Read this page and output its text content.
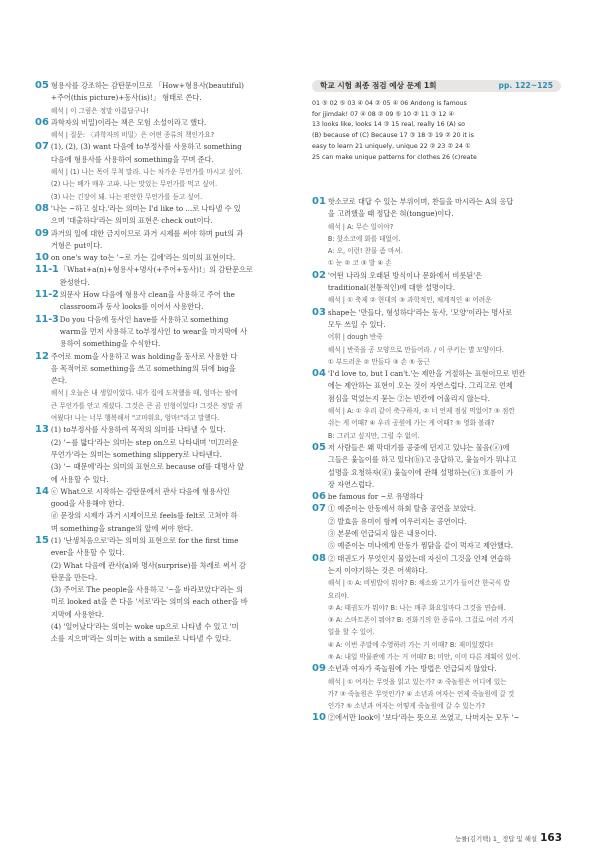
05 형용사를 강조하는 감탄문이므로 「How+형용사(beautiful)
+주어(this picture)+동사(is)!」 형태로 쓴다.
해석 | 이 그림은 정말 아름답구나!
06 과학자의 비밀)이라는 책은 모험 소설이라고 했다.
해석 | 질문: 〈과학자의 비밀〉은 어떤 종류의 책인가요?
07 (1), (2), (3) want 다음에 to부정사를 사용하고 something
다음에 형용사를 사용하여 something을 꾸며 준다.
해석 | (1) 나는 목이 무척 말라. 나는 차가운 무언가를 마시고 싶어.
(2) 나는 배가 매우 고파. 나는 맛있는 무언가를 먹고 싶어.
(3) 나는 긴장이 돼. 나는 편안한 무언가를 듣고 싶어.
08 '나는 ~하고 싶다.'라는 의미는 I'd like to ...로 나타낼 수 있
으며 '대출하다'라는 의미의 표현은 check out이다.
09 과거의 일에 대한 금지이므로 과거 시제를 써야 하며 put의 과
거형은 put이다.
10 on one's way to는 '~로 가는 길에'라는 의미의 표현이다.
11-1 「What+a(n)+형용사+명사(+주어+동사)!」의 감탄문으로
완성한다.
11-2 의문사 How 다음에 형용사 clean을 사용하고 주어 the
classroom과 동사 looks를 이어서 사용한다.
11-3 Do you 다음에 동사인 have를 사용하고 something
warm을 먼저 사용하고 to부정사인 to wear을 마지막에 사
용하여 something을 수식한다.
12 주어로 mom을 사용하고 was holding을 동사로 사용한 다
음 목적어로 something을 쓰고 something의 뒤에 big을
쓴다.
해석 | 오늘은 내 생일이었다. 내가 집에 도착했을 때, 엄마는 팔에
큰 무언가를 안고 계셨다. 그것은 큰 곰 인형이었다! 그것은 정말 귀
여웠다! 나는 너무 행복해서 "고마워요, 엄마!"라고 말했다.
13 (1) to부정사를 사용하여 목적의 의미를 나타낼 수 있다.
(2) '~를 밟다'라는 의미는 step on으로 나타내며 '미끄러운
무언가'라는 의미는 something slippery로 나타낸다.
(3) '~ 때문에'라는 의미의 표현으로 because of를 대명사 앞
에 사용할 수 있다.
14 ⓒ What으로 시작하는 감탄문에서 관사 다음에 형용사인
good을 사용해야 한다.
ⓓ 문장의 시제가 과거 시제이므로 feels를 felt로 고쳐야 하
며 something을 strange의 앞에 써야 한다.
15 (1) '난생처음으로'라는 의미의 표현으로 for the first time
ever을 사용할 수 있다.
(2) What 다음에 관사(a)와 명사(surprise)를 차례로 써서 감
탄문을 만든다.
(3) 주어로 The people을 사용하고 '~을 바라보았다'라는 의
미로 looked at을 쓴 다음 '서로'라는 의미의 each other을 바
지막에 사용한다.
(4) '일어났다'라는 의미는 woke up으로 나타낼 수 있고 '미
소를 지으며'라는 의미는 with a smile로 나타낼 수 있다.
학교 시험 최종 점검 예상 문제 1회	pp. 122~125
01 ⑤ 02 ⑤ 03 ④ 04 ② 05 ④ 06 Andong is famous
for jjimdak! 07 ④ 08 ② 09 ⑤ 10 ② 11 ③ 12 ④
13 looks like, looks 14 ③ 15 real, really 16 (A) so
(B) because of (C) Because 17 ③ 18 ③ 19 ② 20 it is
easy to learn 21 uniquely, unique 22 ② 23 ② 24 ①
25 can make unique patterns for clothes 26 (c)reate
01 핫소코로 대답 수 있는 부위이며, 찬들을 마시라는 A의 응답
을 고려했을 때 정답은 혀(tongue)이다.
해석 | A: 무슨 일이야?
B: 핫소코에 화를 데었어.
A: 오, 이런! 찬물 좀 마셔.
① 눈 ② 코 ③ 발 ④ 손
02 '어떤 나라의 오래된 방식이나 문화에서 비롯된'은
traditional(전통적인)에 대한 설명이다.
해석 | ① 축제 ② 현대의 ③ 과학적인, 체계적인 ④ 어려운
03 shape는 '만들다, 형성하다'라는 동사, '모양'이라는 명사로
모두 쓰일 수 있다.
어휘 | dough 반죽
해석 | 반죽을 공 모양으로 만들어라. / 이 쿠키는 별 모양이다.
① 부드러운 ② 만들다 ③ 손 ⑤ 둥근
04 'I'd love to, but I can't.'는 제안을 거절하는 표현이므로 빈칸
에는 제안하는 표현이 오는 것이 자연스럽다. 그리고로 언제
점심을 먹었는지 묻는 ②는 빈칸에 어울리지 않는다.
해석 | A: ① 우리 같이 축구하자, ② 너 언제 점심 먹었어? ③ 점깐
쉬는 게 어때? ④ 우리 공원에 가는 게 어때? ⑤ 영화 볼래?
B: 그러고 싶지만, 그럴 수 없어.
05 저 사람들은 왜 막대기를 공중에 던지고 있냐는 물음(ⓐ)에
그들은 윷놀이를 하고 있다(ⓑ)고 응답하고, 윷놀이가 뭐냐고
설명을 요청하자(ⓓ) 윷놀이에 관해 설명하는(ⓒ) 흐름이 가
장 자연스럽다.
06 be famous for ~로 유명하다
07 ① 예준이는 안동에서 하회 탈춤 공연을 보았다.
② 발효음 유미이 함께 여우러지는 공연이다.
③ 본문에 언급되지 않은 내용이다.
⑤ 예준이는 미나에게 안동가 찜닭을 같이 먹자고 제안했다.
08 ② 태권도가 무엇인지 물었는데 자신이 그것을 언제 연습하
는지 이야기하는 것은 어색하다.
해석 | ① A: 비빔밥이 뭐야? B: 채소와 고기가 들어간 한국식 밥
요리야.
② A: 태권도가 뭐야? B: 나는 매주 화요일마다 그것을 연습해.
③ A: 스마트폰이 뭐야? B: 전화기의 한 종류야. 그걸로 여러 가지
일을 할 수 있어.
④ A: 이번 주말에 수영하러 가는 거 어때? B: 재미있겠다!
⑤ A: 내일 박물관에 가는 거 어때? B: 미안, 이미 다른 계획이 있어.
09 소년과 여자가 죽놀원에 가는 방법은 언급되지 않았다.
해석 | ① 여자는 무엇을 읽고 있는가? ② 죽놀원은 어디에 있는
가? ③ 죽놀원은 무엇인가? ④ 소년과 여자는 언제 죽놀원에 갈 것
인가? ⑤ 소년과 여자는 어떻게 죽놀원에 갈 수 있는가?
10 ②에서만 look이 '보다'라는 뜻으로 쓰였고, 나머지는 모두 '~
능률(김기택) 1_ 정답 및 해설 163
